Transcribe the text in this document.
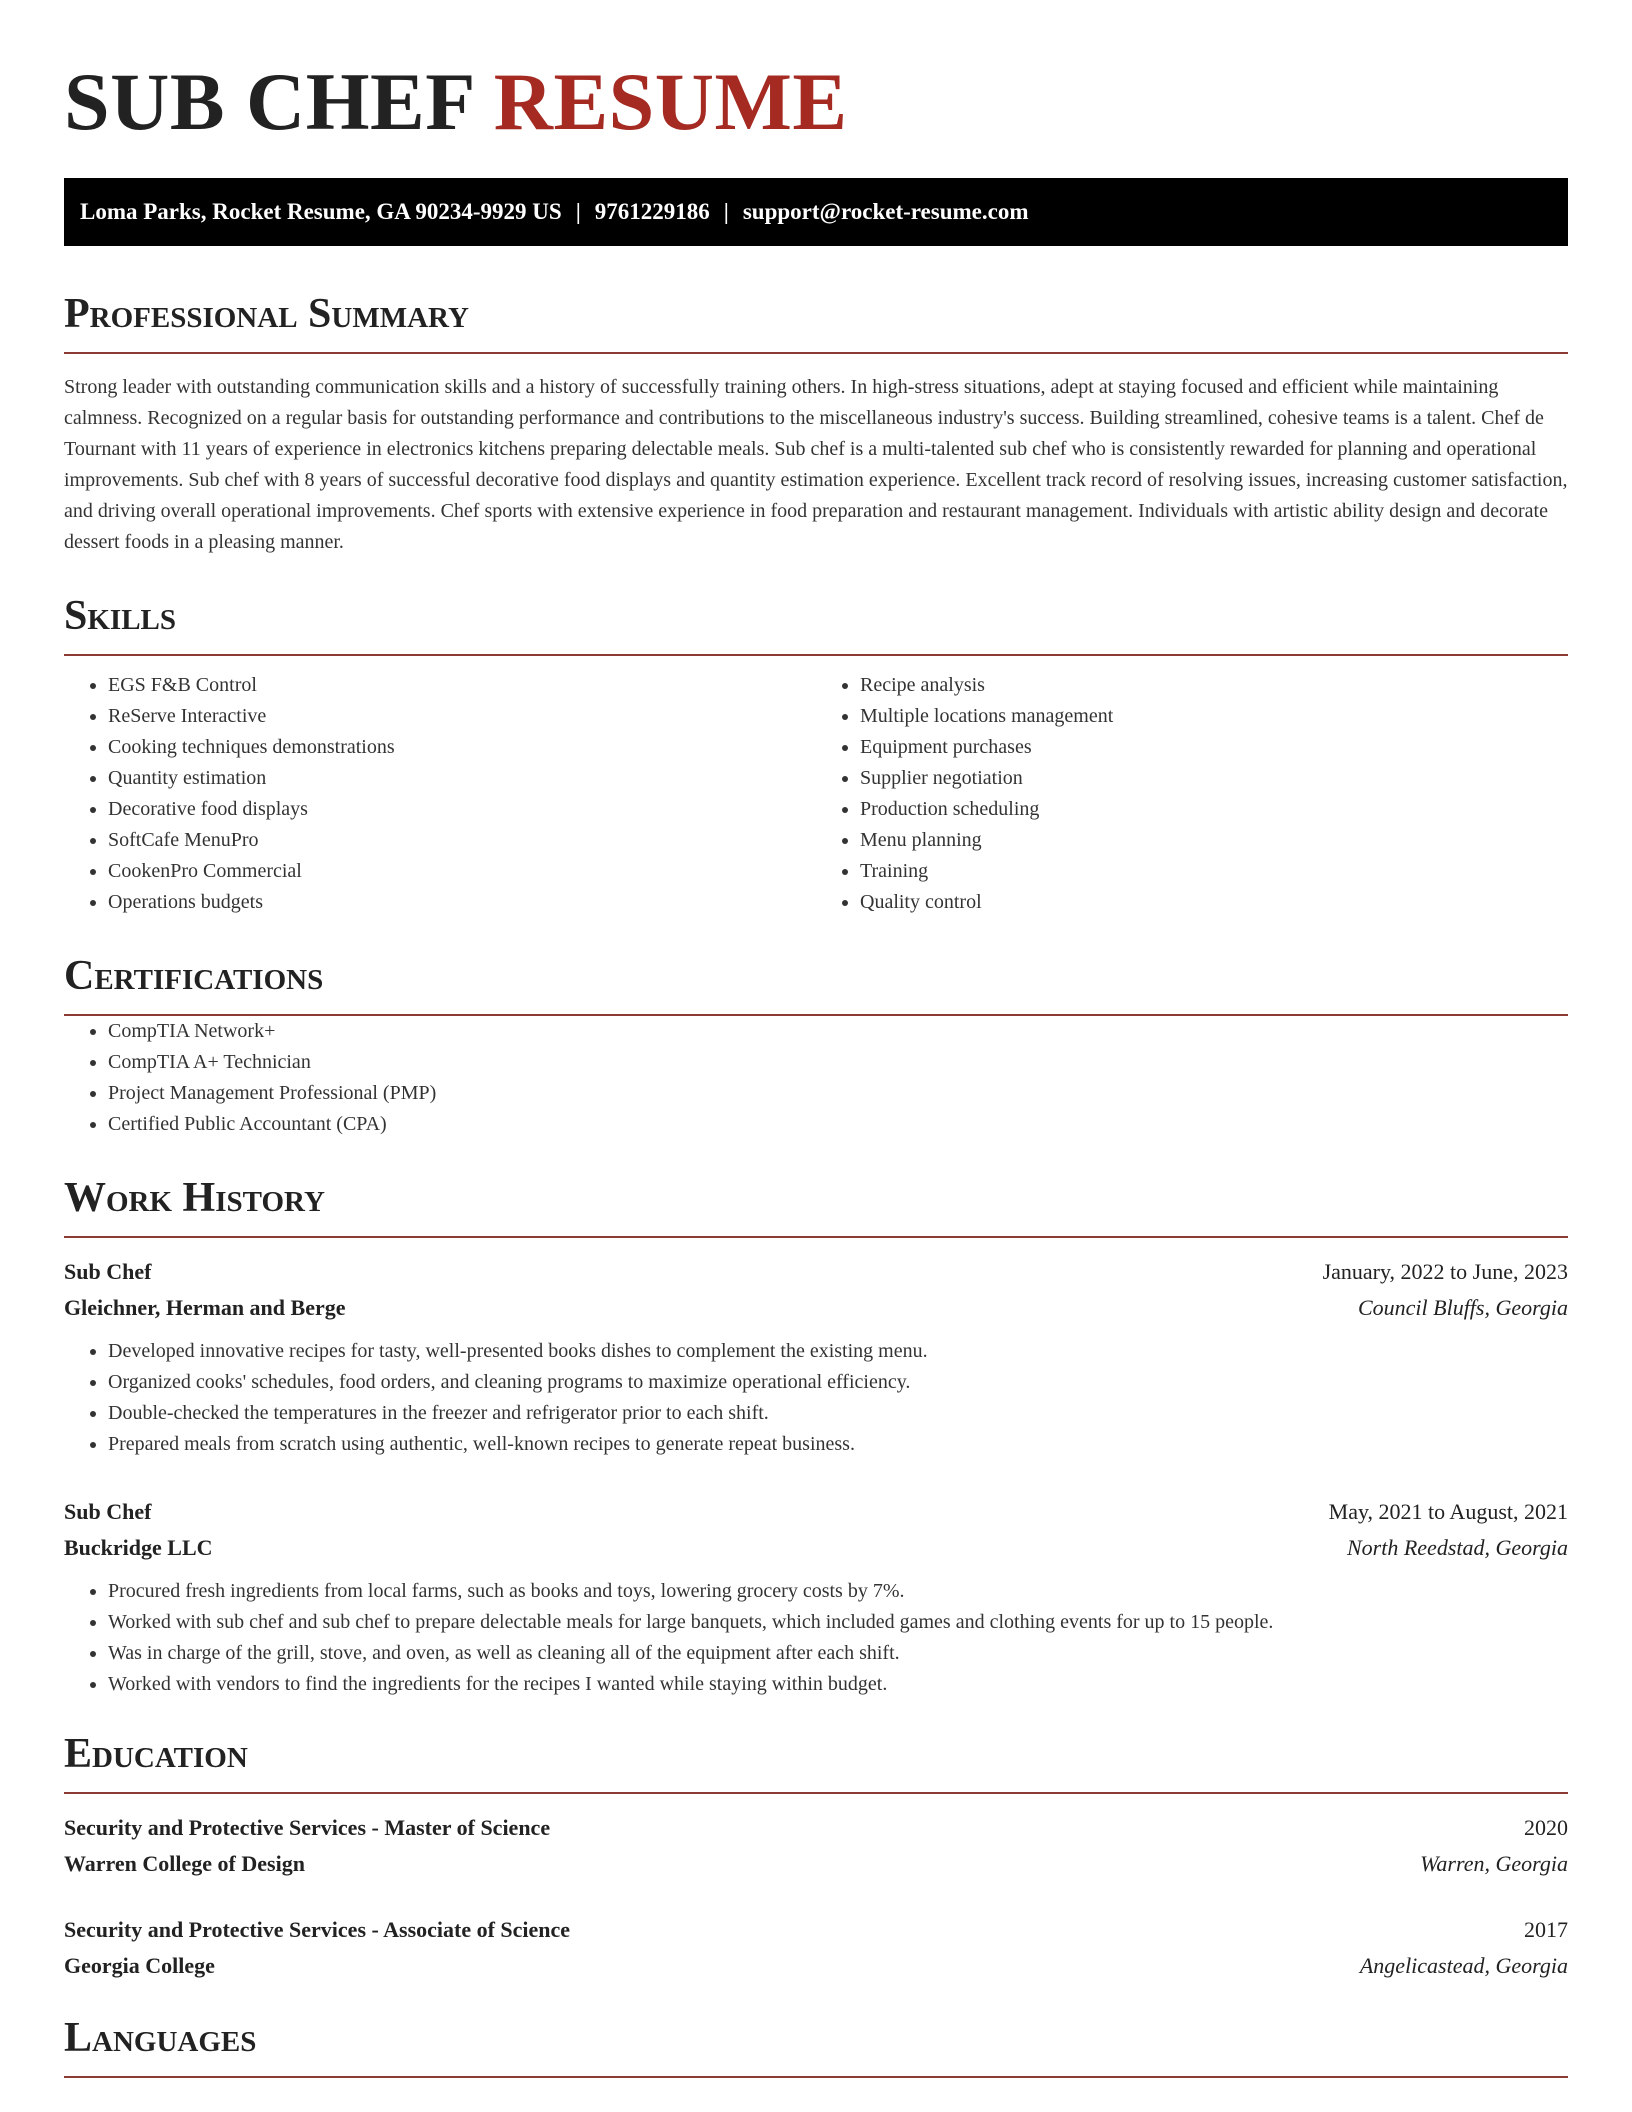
SUB CHEF RESUME
Loma Parks, Rocket Resume, GA 90234-9929 US | 9761229186 | support@rocket-resume.com
Professional Summary

Strong leader with outstanding communication skills and a history of successfully training others. In high-stress situations, adept at staying focused and efficient while maintaining calmness. Recognized on a regular basis for outstanding performance and contributions to the miscellaneous industry's success. Building streamlined, cohesive teams is a talent. Chef de Tournant with 11 years of experience in electronics kitchens preparing delectable meals. Sub chef is a multi-talented sub chef who is consistently rewarded for planning and operational improvements. Sub chef with 8 years of successful decorative food displays and quantity estimation experience. Excellent track record of resolving issues, increasing customer satisfaction, and driving overall operational improvements. Chef sports with extensive experience in food preparation and restaurant management. Individuals with artistic ability design and decorate dessert foods in a pleasing manner.

Skills
• EGS F&B Control
• ReServe Interactive
• Cooking techniques demonstrations
• Quantity estimation
• Decorative food displays
• SoftCafe MenuPro
• CookenPro Commercial
• Operations budgets
• Recipe analysis
• Multiple locations management
• Equipment purchases
• Supplier negotiation
• Production scheduling
• Menu planning
• Training
• Quality control
Certifications
• CompTIA Network+
• CompTIA A+ Technician
• Project Management Professional (PMP)
• Certified Public Accountant (CPA)
Work History
Sub Chef	January, 2022 to June, 2023
Gleichner, Herman and Berge	Council Bluffs, Georgia
• Developed innovative recipes for tasty, well-presented books dishes to complement the existing menu.
• Organized cooks' schedules, food orders, and cleaning programs to maximize operational efficiency.
• Double-checked the temperatures in the freezer and refrigerator prior to each shift.
• Prepared meals from scratch using authentic, well-known recipes to generate repeat business.
Sub Chef	May, 2021 to August, 2021
Buckridge LLC	North Reedstad, Georgia
• Procured fresh ingredients from local farms, such as books and toys, lowering grocery costs by 7%.
• Worked with sub chef and sub chef to prepare delectable meals for large banquets, which included games and clothing events for up to 15 people.
• Was in charge of the grill, stove, and oven, as well as cleaning all of the equipment after each shift.
• Worked with vendors to find the ingredients for the recipes I wanted while staying within budget.
Education
Security and Protective Services - Master of Science	2020
Warren College of Design	Warren, Georgia
Security and Protective Services - Associate of Science	2017
Georgia College	Angelicastead, Georgia
Languages
